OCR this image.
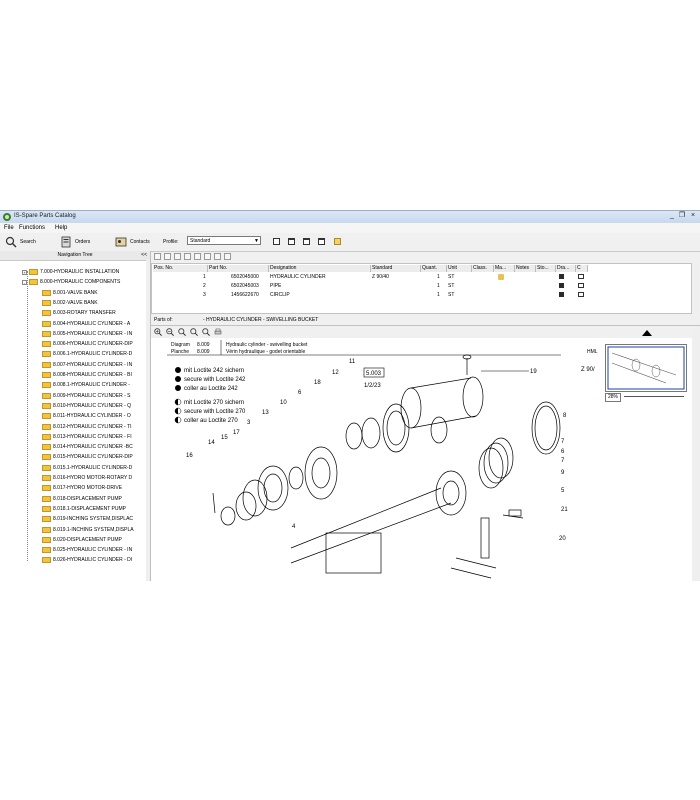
IS-Spare Parts Catalog	_ ❐ ×
File Functions Help
Search	Orders	Contacts	Profile:	Standard	▼
Navigation Tree	<<
+	7.000-HYDRAULIC INSTALLATION
-	8.000-HYDRAULIC COMPONENTS
8.001-VALVE BANK
8.002-VALVE BANK
8.003-ROTARY TRANSFER
8.004-HYDRAULIC CYLINDER - A
8.005-HYDRAULIC CYLINDER - IN
8.006-HYDRAULIC CYLINDER-DIP
8.006.1-HYDRAULIC CYLINDER-D
8.007-HYDRAULIC CYLINDER - IN
8.008-HYDRAULIC CYLINDER - BI
8.008.1-HYDRAULIC CYLINDER -
8.009-HYDRAULIC CYLINDER - S
8.010-HYDRAULIC CYLINDER - Q
8.011-HYDRAULIC CYLINDER - O
8.012-HYDRAULIC CYLINDER - TI
8.013-HYDRAULIC CYLINDER - FI
8.014-HYDRAULIC CYLINDER -BC
8.015-HYDRAULIC CYLINDER-DIP
8.015.1-HYDRAULIC CYLINDER-D
8.016-HYDRO MOTOR-ROTARY D
8.017-HYDRO MOTOR-DRIVE
8.018-DISPLACEMENT PUMP
8.018.1-DISPLACEMENT PUMP
8.019-INCHING SYSTEM,DISPLAC
8.019.1-INCHING SYSTEM,DISPLA
8.020-DISPLACEMENT PUMP
8.025-HYDRAULIC CYLINDER - IN
8.026-HYDRAULIC CYLINDER - DI
Pos. No.	Part No.	Designation	Standard	Quant.	Unit	Class.	Ma...	Notes	Sto...	Dra...	C
1	6502045000 HYDRAULIC CYLINDER	Z 90/40	1 ST
2	6502045003 PIPE	1 ST
3	1456622670 CIRCLIP	1 ST
Parts of:	- HYDRAULIC CYLINDER - SWIVELLING BUCKET
Diagram 8.009
Planche 8.009
Hydraulic cylinder - swivelling bucket
Vérin hydraulique - godet orientable	HML
Z 90/
mit Loctite 242 sichern
secure with Loctite 242
coller au Loctite 242
mit Loctite 270 sichern
secure with Loctite 270
coller au Loctite 270
5.003
1/2/23
19
11
12
18
6
10
13
3
17
15
14
16
8
7
6
7
9
5
21
4
20
28%
